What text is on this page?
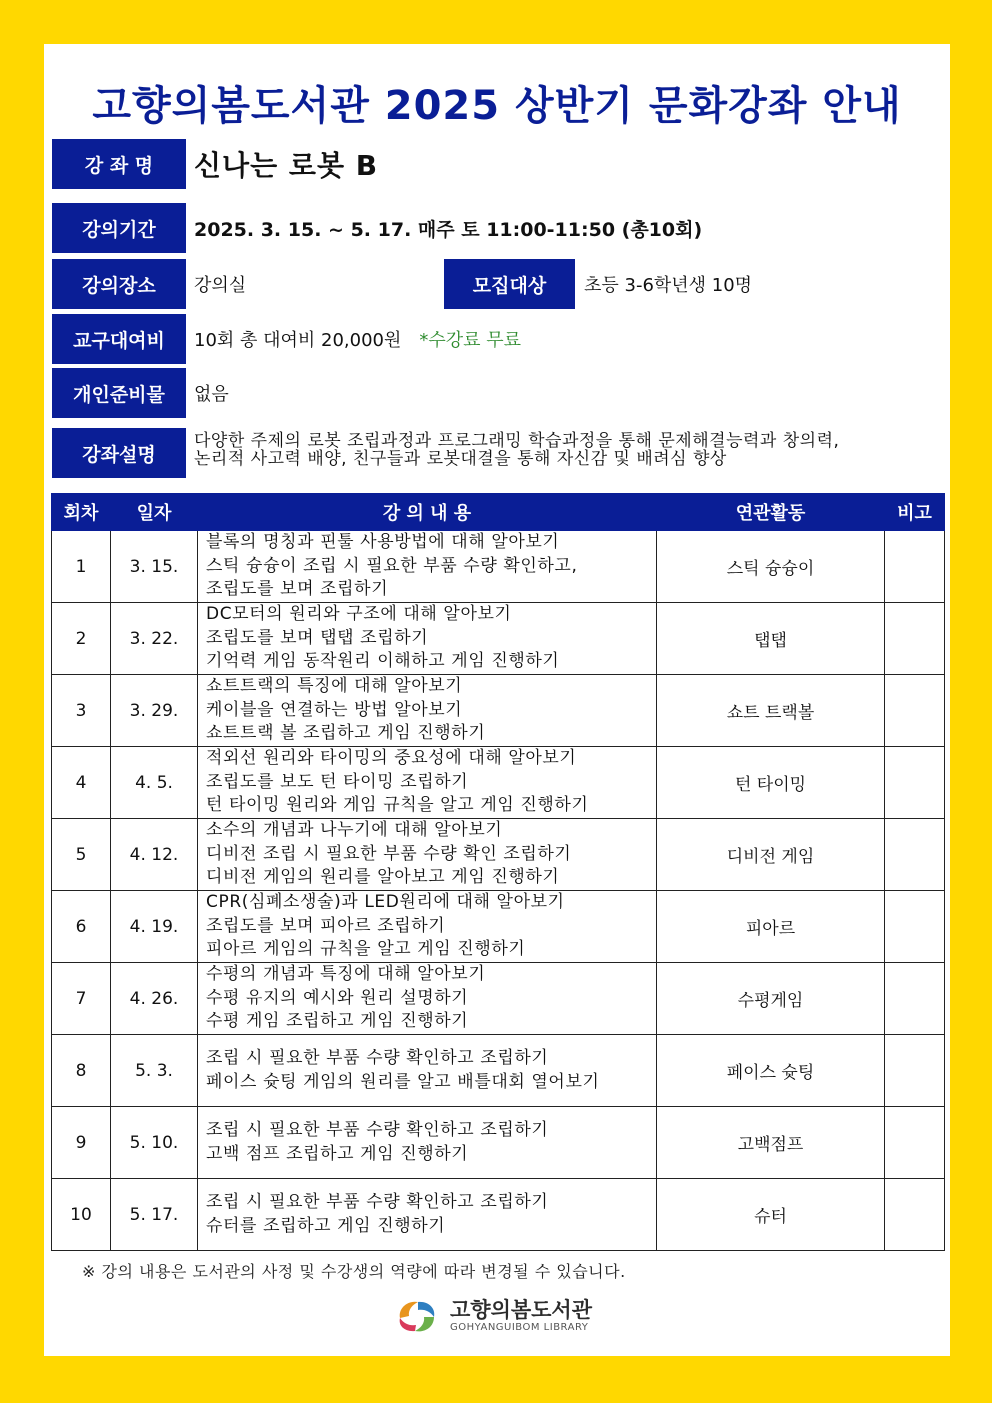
고향의봄도서관 2025 상반기 문화강좌 안내
강 좌 명	신나는 로봇 B
강의기간	2025. 3. 15. ~ 5. 17. 매주 토 11:00-11:50 (총10회)
강의장소	강의실	모집대상	초등 3-6학년생 10명
교구대여비	10회 총 대여비 20,000원 *수강료 무료
개인준비물	없음
강좌설명
다양한 주제의 로봇 조립과정과 프로그래밍 학습과정을 통해 문제해결능력과 창의력,
논리적 사고력 배양, 친구들과 로봇대결을 통해 자신감 및 배려심 향상
회차	일자	강 의 내 용	연관활동	비고
1	3. 15.	블록의 명칭과 핀툴 사용방법에 대해 알아보기
스틱 슝슝이 조립 시 필요한 부품 수량 확인하고,
조립도를 보며 조립하기	스틱 슝슝이	
2	3. 22.	DC모터의 원리와 구조에 대해 알아보기
조립도를 보며 탭탭 조립하기
기억력 게임 동작원리 이해하고 게임 진행하기	탭탭	
3	3. 29.	쇼트트랙의 특징에 대해 알아보기
케이블을 연결하는 방법 알아보기
쇼트트랙 볼 조립하고 게임 진행하기	쇼트 트랙볼	
4	4. 5.	적외선 원리와 타이밍의 중요성에 대해 알아보기
조립도를 보도 턴 타이밍 조립하기
턴 타이밍 원리와 게임 규칙을 알고 게임 진행하기	턴 타이밍	
5	4. 12.	소수의 개념과 나누기에 대해 알아보기
디비전 조립 시 필요한 부품 수량 확인 조립하기
디비전 게임의 원리를 알아보고 게임 진행하기	디비전 게임	
6	4. 19.	CPR(심폐소생술)과 LED원리에 대해 알아보기
조립도를 보며 피아르 조립하기
피아르 게임의 규칙을 알고 게임 진행하기	피아르	
7	4. 26.	수평의 개념과 특징에 대해 알아보기
수평 유지의 예시와 원리 설명하기
수평 게임 조립하고 게임 진행하기	수평게임	
8	5. 3.	조립 시 필요한 부품 수량 확인하고 조립하기
페이스 슛팅 게임의 원리를 알고 배틀대회 열어보기	페이스 슛팅	
9	5. 10.	조립 시 필요한 부품 수량 확인하고 조립하기
고백 점프 조립하고 게임 진행하기	고백점프	
10	5. 17.	조립 시 필요한 부품 수량 확인하고 조립하기
슈터를 조립하고 게임 진행하기	슈터	
※ 강의 내용은 도서관의 사정 및 수강생의 역량에 따라 변경될 수 있습니다.
고향의봄도서관
GOHYANGUIBOM LIBRARY
